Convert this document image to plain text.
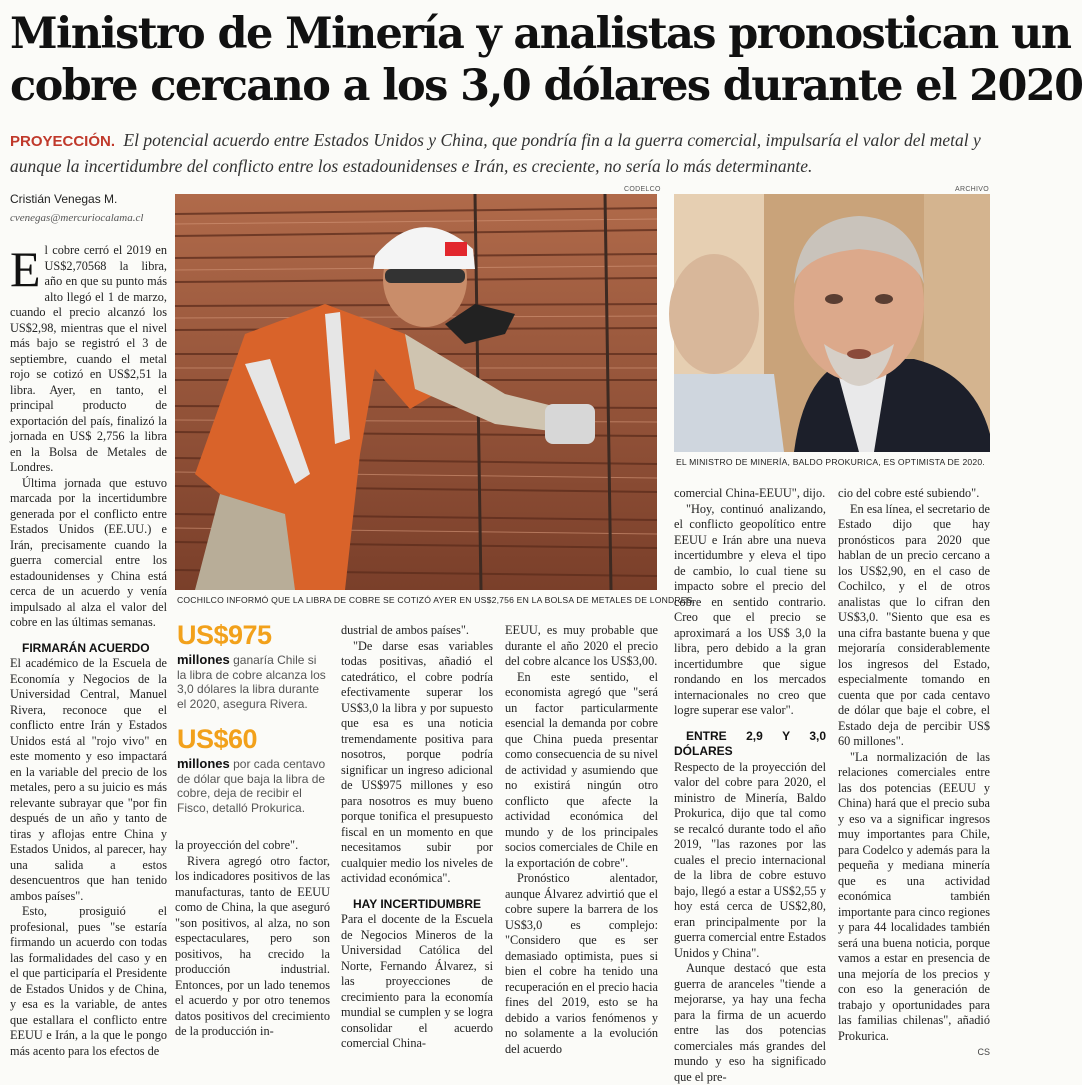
Ministro de Minería y analistas pronostican un
cobre cercano a los 3,0 dólares durante el 2020

PROYECCIÓN. El potencial acuerdo entre Estados Unidos y China, que pondría fin a la guerra comercial, impulsaría el valor del metal y aunque la incertidumbre del conflicto entre los estadounidenses e Irán, es creciente, no sería lo más determinante.

Cristián Venegas M.
cvenegas@mercuriocalama.cl

El cobre cerró el 2019 en US$2,70568 la libra, año en que su punto más alto llegó el 1 de marzo, cuando el precio alcanzó los US$2,98, mientras que el nivel más bajo se registró el 3 de septiembre, cuando el metal rojo se cotizó en US$2,51 la libra. Ayer, en tanto, el principal producto de exportación del país, finalizó la jornada en US$ 2,756 la libra en la Bolsa de Metales de Londres.

Última jornada que estuvo marcada por la incertidumbre generada por el conflicto entre Estados Unidos (EE.UU.) e Irán, precisamente cuando la guerra comercial entre los estadounidenses y China está cerca de un acuerdo y venía impulsado al alza el valor del cobre en las últimas semanas.

FIRMARÁN ACUERDO

El académico de la Escuela de Economía y Negocios de la Universidad Central, Manuel Rivera, reconoce que el conflicto entre Irán y Estados Unidos está al "rojo vivo" en este momento y eso impactará en la variable del precio de los metales, pero a su juicio es más relevante subrayar que "por fin después de un año y tanto de tiras y aflojas entre China y Estados Unidos, al parecer, hay una salida a estos desencuentros que han tenido ambos países".

Esto, prosiguió el profesional, pues "se estaría firmando un acuerdo con todas las formalidades del caso y en el que participaría el Presidente de Estados Unidos y de China, y esa es la variable, de antes que estallara el conflicto entre EEUU e Irán, a la que le pongo más acento para los efectos de

CODELCO
COCHILCO INFORMÓ QUE LA LIBRA DE COBRE SE COTIZÓ AYER EN US$2,756 EN LA BOLSA DE METALES DE LONDRES.
ARCHIVO
EL MINISTRO DE MINERÍA, BALDO PROKURICA, ES OPTIMISTA DE 2020.
US$975
millones ganaría Chile si la libra de cobre alcanza los 3,0 dólares la libra durante el 2020, asegura Rivera.
US$60
millones por cada centavo de dólar que baja la libra de cobre, deja de recibir el Fisco, detalló Prokurica.

la proyección del cobre".

Rivera agregó otro factor, los indicadores positivos de las manufacturas, tanto de EEUU como de China, la que aseguró "son positivos, al alza, no son espectaculares, pero son positivos, ha crecido la producción industrial. Entonces, por un lado tenemos el acuerdo y por otro tenemos datos positivos del crecimiento de la producción in-

dustrial de ambos países".

"De darse esas variables todas positivas, añadió el catedrático, el cobre podría efectivamente superar los US$3,0 la libra y por supuesto que esa es una noticia tremendamente positiva para nosotros, porque podría significar un ingreso adicional de US$975 millones y eso para nosotros es muy bueno porque tonifica el presupuesto fiscal en un momento en que necesitamos subir por cualquier medio los niveles de actividad económica".

HAY INCERTIDUMBRE

Para el docente de la Escuela de Negocios Mineros de la Universidad Católica del Norte, Fernando Álvarez, si las proyecciones de crecimiento para la economía mundial se cumplen y se logra consolidar el acuerdo comercial China-

EEUU, es muy probable que durante el año 2020 el precio del cobre alcance los US$3,00.

En este sentido, el economista agregó que "será un factor particularmente esencial la demanda por cobre que China pueda presentar como consecuencia de su nivel de actividad y asumiendo que no existirá ningún otro conflicto que afecte la actividad económica del mundo y de los principales socios comerciales de Chile en la exportación de cobre".

Pronóstico alentador, aunque Álvarez advirtió que el cobre supere la barrera de los US$3,0 es complejo: "Considero que es ser demasiado optimista, pues si bien el cobre ha tenido una recuperación en el precio hacia fines del 2019, esto se ha debido a varios fenómenos y no solamente a la evolución del acuerdo

comercial China-EEUU", dijo.

"Hoy, continuó analizando, el conflicto geopolítico entre EEUU e Irán abre una nueva incertidumbre y eleva el tipo de cambio, lo cual tiene su impacto sobre el precio del cobre en sentido contrario. Creo que el precio se aproximará a los US$ 3,0 la libra, pero debido a la gran incertidumbre que sigue rondando en los mercados internacionales no creo que logre superar ese valor".

ENTRE 2,9 Y 3,0 DÓLARES

Respecto de la proyección del valor del cobre para 2020, el ministro de Minería, Baldo Prokurica, dijo que tal como se recalcó durante todo el año 2019, "las razones por las cuales el precio internacional de la libra de cobre estuvo bajo, llegó a estar a US$2,55 y hoy está cerca de US$2,80, eran principalmente por la guerra comercial entre Estados Unidos y China".

Aunque destacó que esta guerra de aranceles "tiende a mejorarse, ya hay una fecha para la firma de un acuerdo entre las dos potencias comerciales más grandes del mundo y eso ha significado que el pre-

cio del cobre esté subiendo".

En esa línea, el secretario de Estado dijo que hay pronósticos para 2020 que hablan de un precio cercano a los US$2,90, en el caso de Cochilco, y el de otros analistas que lo cifran den US$3,0. "Siento que esa es una cifra bastante buena y que mejoraría considerablemente los ingresos del Estado, especialmente tomando en cuenta que por cada centavo de dólar que baje el cobre, el Estado deja de percibir US$ 60 millones".

"La normalización de las relaciones comerciales entre las dos potencias (EEUU y China) hará que el precio suba y eso va a significar ingresos muy importantes para Chile, para Codelco y además para la pequeña y mediana minería que es una actividad económica también importante para cinco regiones y para 44 localidades también será una buena noticia, porque vamos a estar en presencia de una mejoría de los precios y con eso la generación de trabajo y oportunidades para las familias chilenas", añadió Prokurica.

CS
